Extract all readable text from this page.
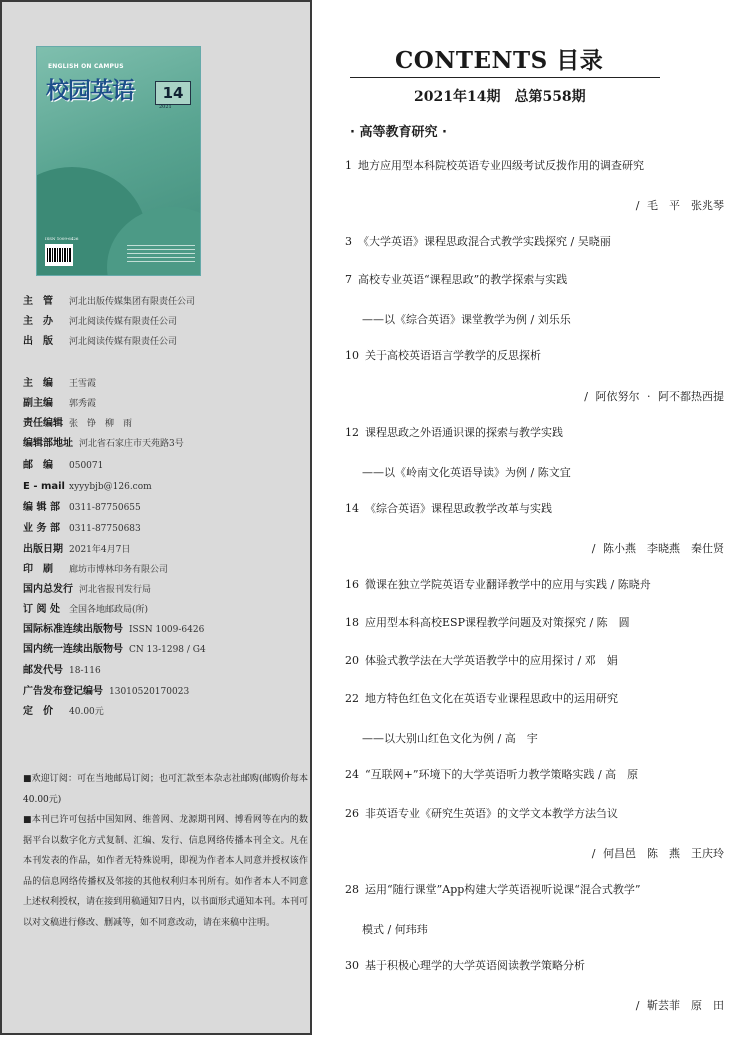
ENGLISH ON CAMPUS
校园英语	14
2021
ISSN 1009-6426
主　管 河北出版传媒集团有限责任公司
主　办 河北阅读传媒有限责任公司
出　版 河北阅读传媒有限责任公司
主　编 王雪霞
副主编 郭秀霞
责任编辑 张　铮　柳　雨
编辑部地址 河北省石家庄市天苑路3号
邮　编 050071
E - mail xyyybjb@126.com
编 辑 部 0311-87750655
业 务 部 0311-87750683
出版日期 2021年4月7日
印　刷 廊坊市博林印务有限公司
国内总发行 河北省报刊发行局
订 阅 处 全国各地邮政局(所)
国际标准连续出版物号 ISSN 1009-6426
国内统一连续出版物号 CN 13-1298 / G4
邮发代号 18-116
广告发布登记编号 13010520170023
定　价 40.00元

■欢迎订阅：可在当地邮局订阅；也可汇款至本杂志社邮购(邮购价每本40.00元)

■本刊已许可包括中国知网、维普网、龙源期刊网、博看网等在内的数据平台以数字化方式复制、汇编、发行、信息网络传播本刊全文。凡在本刊发表的作品，如作者无特殊说明，即视为作者本人同意并授权该作品的信息网络传播权及邻接的其他权利归本刊所有。如作者本人不同意上述权利授权，请在接到用稿通知7日内，以书面形式通知本刊。本刊可以对文稿进行修改、删减等，如不同意改动，请在来稿中注明。

CONTENTS 目录
2021年14期　总第558期
· 高等教育研究 ·
1 地方应用型本科院校英语专业四级考试反拨作用的调查研究
/ 毛　平　张兆琴
3 《大学英语》课程思政混合式教学实践探究 / 吴晓丽
7 高校专业英语“课程思政”的教学探索与实践
——以《综合英语》课堂教学为例 / 刘乐乐
10 关于高校英语语言学教学的反思探析
/ 阿依努尔 · 阿不都热西提
12 课程思政之外语通识课的探索与教学实践
——以《岭南文化英语导读》为例 / 陈文宜
14 《综合英语》课程思政教学改革与实践
/ 陈小燕　李晓燕　秦仕贤
16 微课在独立学院英语专业翻译教学中的应用与实践 / 陈晓舟
18 应用型本科高校ESP课程教学问题及对策探究 / 陈　圆
20 体验式教学法在大学英语教学中的应用探讨 / 邓　娟
22 地方特色红色文化在英语专业课程思政中的运用研究
——以大别山红色文化为例 / 高　宇
24 “互联网+”环境下的大学英语听力教学策略实践 / 高　原
26 非英语专业《研究生英语》的文学文本教学方法刍议
/ 何昌邑　陈　燕　王庆玲
28 运用“随行课堂”App构建大学英语视听说课“混合式教学”
模式 / 何玮玮
30 基于积极心理学的大学英语阅读教学策略分析
/ 靳芸菲　原　田
